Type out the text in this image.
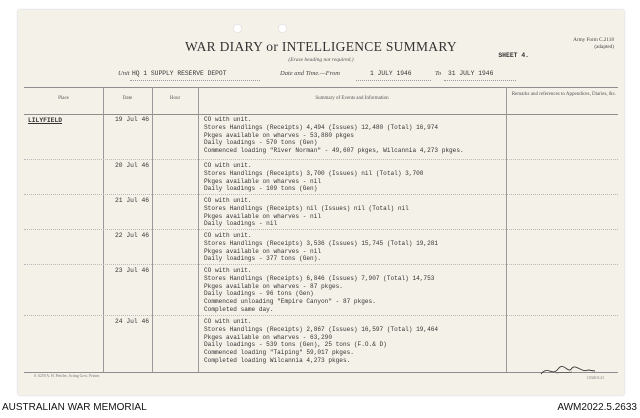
WAR DIARY or INTELLIGENCE SUMMARY
(Erase heading not required.)
Army Form C.2118
(adapted)
SHEET 4.
Unit HQ 1 SUPPLY RESERVE DEPOT	Date and Time.—From	1 JULY 1946	To 31 JULY 1946
Place	Date	Hour	Summary of Events and Information
Remarks and references to Appendices, Diaries, &c.
LILYFIELD	19 Jul 46	CO with unit.
Stores Handlings (Receipts) 4,494 (Issues) 12,480 (Total) 16,974
Pkges available on wharves - 53,880 pkges
Daily loadings - 570 tons (Gen)
Commenced loading "River Norman" - 49,607 pkges, Wilcannia 4,273 pkges.
20 Jul 46	CO with unit.
Stores Handlings (Receipts) 3,700 (Issues) nil (Total) 3,700
Pkges available on wharves - nil
Daily loadings - 109 tons (Gen)
21 Jul 46	CO with unit.
Stores Handlings (Receipts) nil (Issues) nil (Total) nil
Pkges available on wharves - nil
Daily loadings - nil
22 Jul 46	CO with unit.
Stores Handlings (Receipts) 3,536 (Issues) 15,745 (Total) 19,281
Pkges available on wharves - nil
Daily loadings - 377 tons (Gen).
23 Jul 46	CO with unit.
Stores Handlings (Receipts) 6,846 (Issues) 7,907 (Total) 14,753
Pkges available on wharves - 87 pkges.
Daily loadings - 96 tons (Gen)
Commenced unloading "Empire Canyon" - 87 pkges.
Completed same day.
24 Jul 46	CO with unit.
Stores Handlings (Receipts) 2,867 (Issues) 16,597 (Total) 19,464
Pkges available on wharves - 63,290
Daily loadings - 539 tons (Gen), 25 tons (F.O.& D)
Commenced loading "Taiping" 59,017 pkges.
Completed loading Wilcannia 4,273 pkges.
S. 6259 A. H. Pettifer, Acting Govt. Printer.	10346 8.41
AUSTRALIAN WAR MEMORIAL	AWM2022.5.2633
